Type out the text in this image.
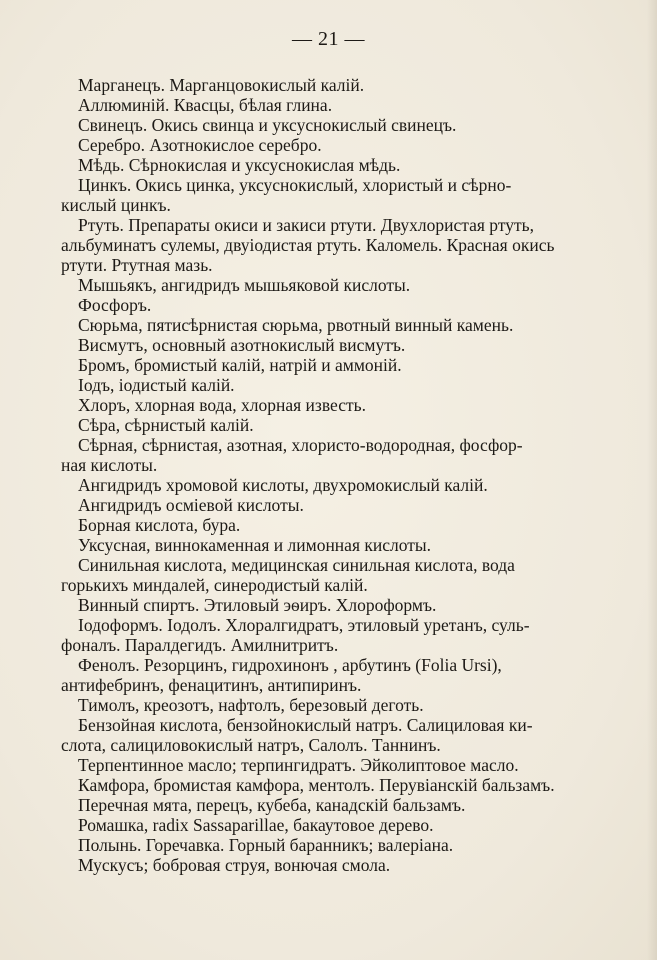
— 21 —
Марганецъ. Марганцовокислый калій.
Аллюминій. Квасцы, бѣлая глина.
Свинецъ. Окись свинца и уксуснокислый свинецъ.
Серебро. Азотнокислое серебро.
Мѣдь. Сѣрнокислая и уксуснокислая мѣдь.
Цинкъ. Окись цинка, уксуснокислый, хлористый и сѣрно-
кислый цинкъ.
Ртуть. Препараты окиси и закиси ртути. Двухлористая ртуть,
альбуминатъ сулемы, двуіодистая ртуть. Каломель. Красная окись
ртути. Ртутная мазь.
Мышьякъ, ангидридъ мышьяковой кислоты.
Фосфоръ.
Сюрьма, пятисѣрнистая сюрьма, рвотный винный камень.
Висмутъ, основный азотнокислый висмутъ.
Бромъ, бромистый калій, натрій и аммоній.
Іодъ, іодистый калій.
Хлоръ, хлорная вода, хлорная известь.
Сѣра, сѣрнистый калій.
Сѣрная, сѣрнистая, азотная, хлористо-водородная, фосфор-
ная кислоты.
Ангидридъ хромовой кислоты, двухромокислый калій.
Ангидридъ осміевой кислоты.
Борная кислота, бура.
Уксусная, виннокаменная и лимонная кислоты.
Синильная кислота, медицинская синильная кислота, вода
горькихъ миндалей, синеродистый калій.
Винный спиртъ. Этиловый эѳиръ. Хлороформъ.
Іодоформъ. Іодолъ. Хлоралгидратъ, этиловый уретанъ, суль-
фоналъ. Паралдегидъ. Амилнитритъ.
Фенолъ. Резорцинъ, гидрохинонъ , арбутинъ (Folia Ursi),
антифебринъ, фенацитинъ, антипиринъ.
Тимолъ, креозотъ, нафтолъ, березовый деготь.
Бензойная кислота, бензойнокислый натръ. Салициловая ки-
слота, салициловокислый натръ, Салолъ. Таннинъ.
Терпентинное масло; терпингидратъ. Эйколиптовое масло.
Камфора, бромистая камфора, ментолъ. Перувіанскій бальзамъ.
Перечная мята, перецъ, кубеба, канадскій бальзамъ.
Ромашка, radix Sassaparillae, бакаутовое дерево.
Полынь. Горечавка. Горный баранникъ; валеріана.
Мускусъ; бобровая струя, вонючая смола.
